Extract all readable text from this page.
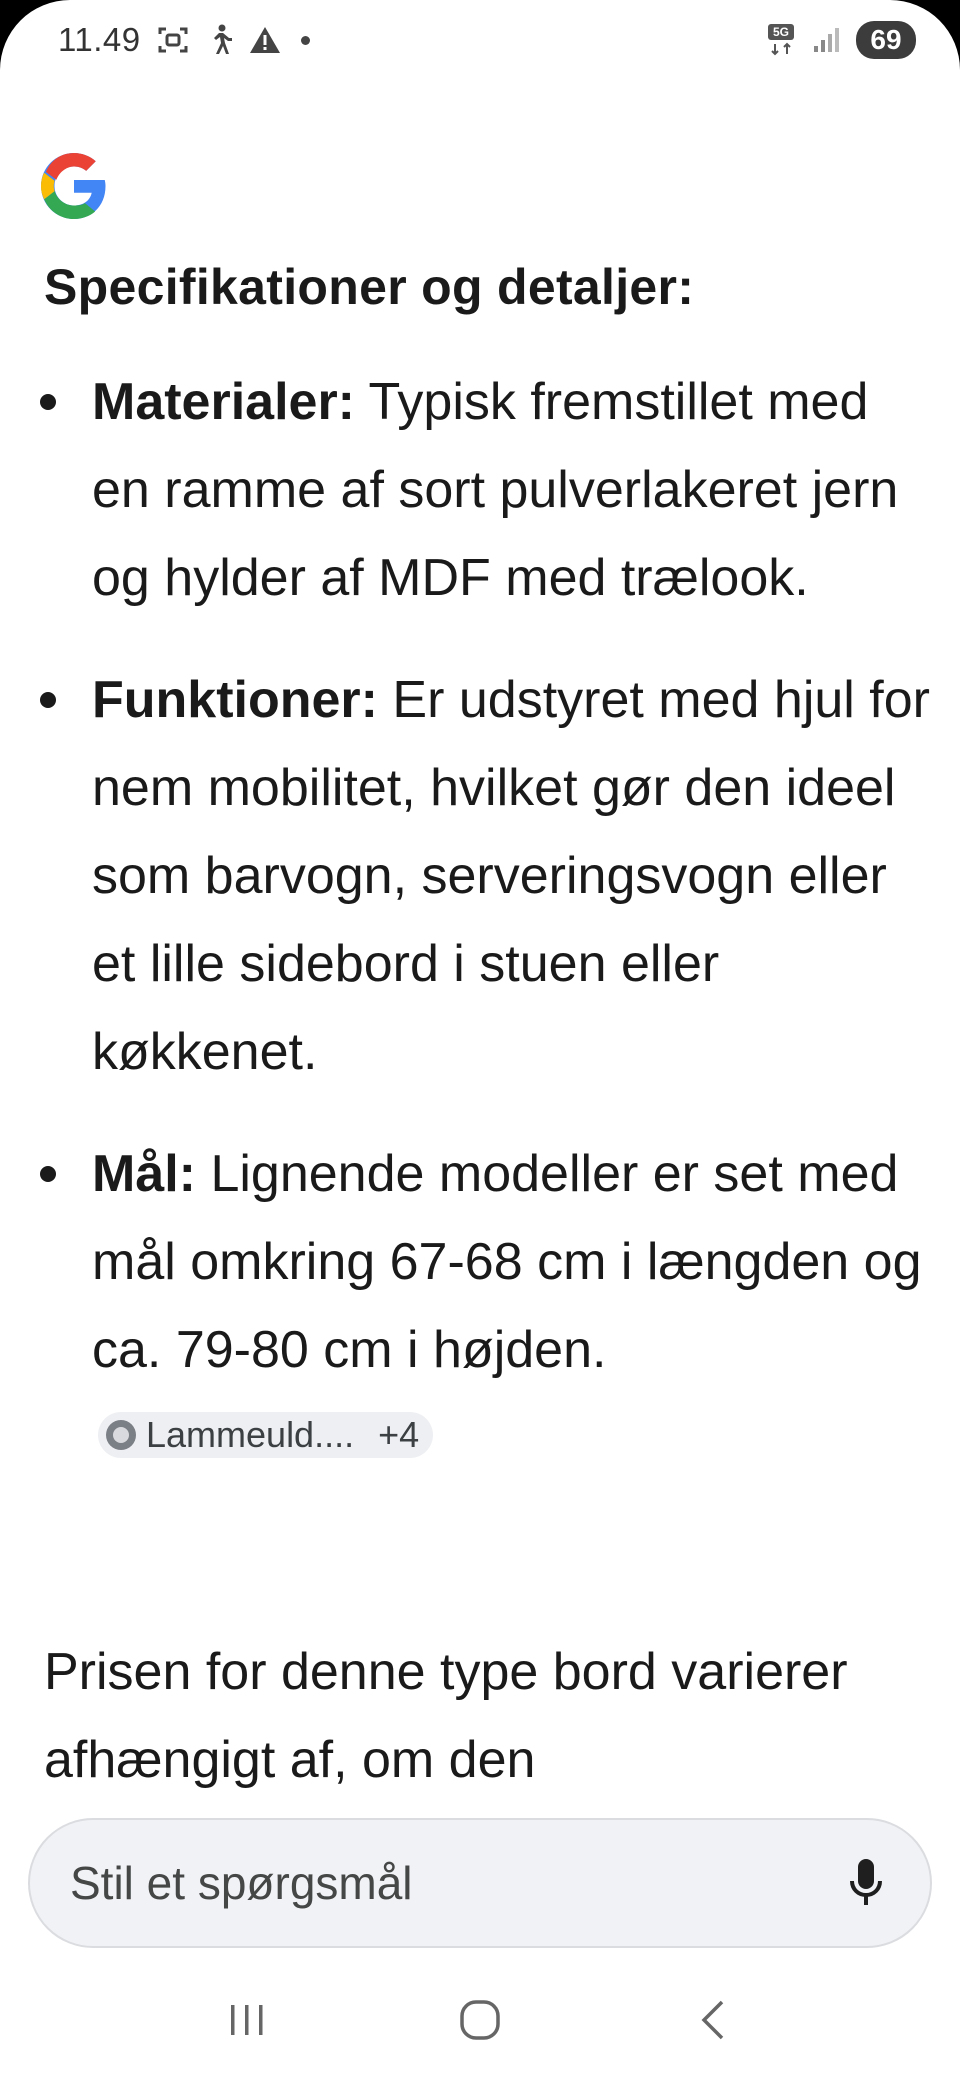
11.49	5G	69
Specifikationer og detaljer:
Materialer: Typisk fremstillet med en ramme af sort pulverlakeret jern og hylder af MDF med trælook.
Funktioner: Er udstyret med hjul for nem mobilitet, hvilket gør den ideel som barvogn, serveringsvogn eller et lille sidebord i stuen eller køkkenet.
Mål: Lignende modeller er set med mål omkring 67-68 cm i længden og ca. 79-80 cm i højden.
Lammeuld.... +4
Prisen for denne type bord varierer afhængigt af, om den
Stil et spørgsmål
